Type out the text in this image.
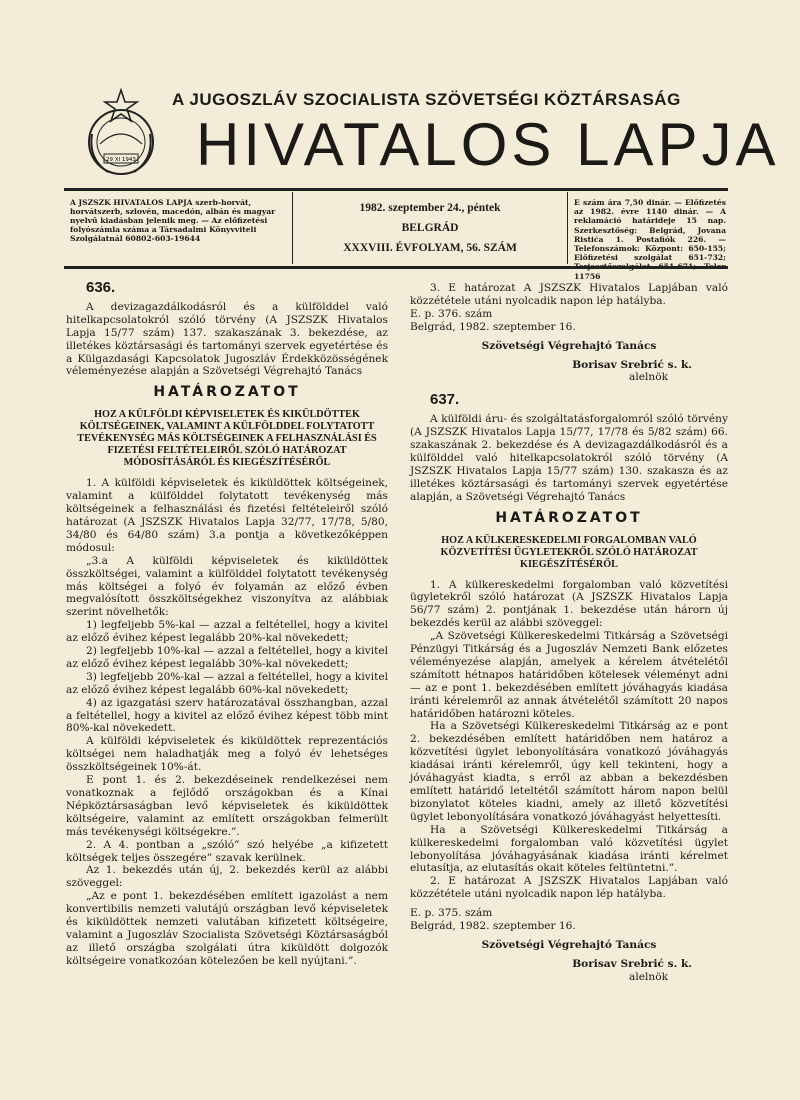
29 XI 1943
A JUGOSZLÁV SZOCIALISTA SZÖVETSÉGI KÖZTÁRSASÁG
HIVATALOS LAPJA
A JSZSZK HIVATALOS LAPJA szerb-horvát, horvátszerb, szlovén, macedón, albán és magyar nyelvű kiadásban jelenik meg. — Az előfizetési folyószámla száma a Társadalmi Könyvviteli Szolgálatnál 60802-603-19644
1982. szeptember 24., péntek
BELGRÁD
XXXVIII. ÉVFOLYAM, 56. SZÁM
E szám ára 7,50 dinár. — Előfizetés az 1982. évre 1140 dinár. — A reklamáció határideje 15 nap. Szerkesztőség: Belgrád, Jovana Ristića 1. Postafiók 226. — Telefonszámok: Központ: 650-155; Előfizetési szolgálat 651-732; Terjesztőszolgálat 651-671; Telex 11756
636.

A devizagazdálkodásról és a külfölddel való hitelkapcsolatokról szóló törvény (A JSZSZK Hivatalos Lapja 15/77 szám) 137. szakaszának 3. bekezdése, az illetékes köztársasági és tartományi szervek egyetértése és a Külgazdasági Kapcsolatok Jugoszláv Érdekközösségének véleményezése alapján a Szövetségi Végrehajtó Tanács

HATÁROZATOT
HOZ A KÜLFÖLDI KÉPVISELETEK ÉS KIKÜLDÖTTEK KÖLTSÉGEINEK, VALAMINT A KÜLFÖLDDEL FOLYTATOTT TEVÉKENYSÉG MÁS KÖLTSÉGEINEK A FELHASZNÁLÁSI ÉS FIZETÉSI FELTÉTELEIRŐL SZÓLÓ HATÁROZAT MÓDOSÍTÁSÁRÓL ÉS KIEGÉSZÍTÉSÉRŐL

1. A külföldi képviseletek és kiküldöttek költségeinek, valamint a külfölddel folytatott tevékenység más költségeinek a felhasználási és fizetési feltételeiről szóló határozat (A JSZSZK Hivatalos Lapja 32/77, 17/78, 5/80, 34/80 és 64/80 szám) 3.a pontja a következőképpen módosul:

„3.a A külföldi képviseletek és kiküldöttek összköltségei, valamint a külfölddel folytatott tevékenység más költségei a folyó év folyamán az előző évben megvalósított összköltségekhez viszonyítva az alábbiak szerint növelhetők:

1) legfeljebb 5%-kal — azzal a feltétellel, hogy a kivitel az előző évihez képest legalább 20%-kal növekedett;

2) legfeljebb 10%-kal — azzal a feltétellel, hogy a kivitel az előző évihez képest legalább 30%-kal növekedett;

3) legfeljebb 20%-kal — azzal a feltétellel, hogy a kivitel az előző évihez képest legalább 60%-kal növekedett;

4) az igazgatási szerv határozatával összhangban, azzal a feltétellel, hogy a kivitel az előző évihez képest több mint 80%-kal növekedett.

A külföldi képviseletek és kiküldöttek reprezentációs költségei nem haladhatják meg a folyó év lehetséges összköltségeinek 10%-át.

E pont 1. és 2. bekezdéseinek rendelkezései nem vonatkoznak a fejlődő országokban és a Kínai Népköztársaságban levő képviseletek és kiküldöttek költségeire, valamint az említett országokban felmerült más tevékenységi költségekre.”.

2. A 4. pontban a „szóló” szó helyébe „a kifizetett költségek teljes összegére” szavak kerülnek.

Az 1. bekezdés után új, 2. bekezdés kerül az alábbi szöveggel:

„Az e pont 1. bekezdésében említett igazolást a nem konvertibilis nemzeti valutájú országban levő képviseletek és kiküldöttek nemzeti valutában kifizetett költségeire, valamint a Jugoszláv Szocialista Szövetségi Köztársaságból az illető országba szolgálati útra kiküldött dolgozók költségeire vonatkozóan kötelezően be kell nyújtani.”.

3. E határozat A JSZSZK Hivatalos Lapjában való közzététele utáni nyolcadik napon lép hatályba.

E. p. 376. szám

Belgrád, 1982. szeptember 16.

Szövetségi Végrehajtó Tanács
Borisav Srebrić s. k.
alelnök
637.

A külföldi áru- és szolgáltatásforgalomról szóló törvény (A JSZSZK Hivatalos Lapja 15/77, 17/78 és 5/82 szám) 66. szakaszának 2. bekezdése és A devizagazdálkodásról és a külfölddel való hitelkapcsolatokról szóló törvény (A JSZSZK Hivatalos Lapja 15/77 szám) 130. szakasza és az illetékes köztársasági és tartományi szervek egyetértése alapján, a Szövetségi Végrehajtó Tanács

HATÁROZATOT
HOZ A KÜLKERESKEDELMI FORGALOMBAN VALÓ KÖZVETÍTÉSI ÜGYLETEKRŐL SZÓLÓ HATÁROZAT KIEGÉSZÍTÉSÉRŐL

1. A külkereskedelmi forgalomban való közvetítési ügyletekről szóló határozat (A JSZSZK Hivatalos Lapja 56/77 szám) 2. pontjának 1. bekezdése után hárorn új bekezdés kerül az alábbi szöveggel:

„A Szövetségi Külkereskedelmi Titkárság a Szövetségi Pénzügyi Titkárság és a Jugoszláv Nemzeti Bank előzetes véleményezése alapján, amelyek a kérelem átvételétől számított hétnapos határidőben kötelesek véleményt adni — az e pont 1. bekezdésében említett jóváhagyás kiadása iránti kérelemről az annak átvételétől számított 20 napos határidőben határozni köteles.

Ha a Szövetségi Külkereskedelmi Titkárság az e pont 2. bekezdésében említett határidőben nem határoz a közvetítési ügylet lebonyolítására vonatkozó jóváhagyás kiadásai iránti kérelemről, úgy kell tekinteni, hogy a jóváhagyást kiadta, s erről az abban a bekezdésben említett határidő leteltétől számított három napon belül bizonylatot köteles kiadni, amely az illető közvetítési ügylet lebonyolítására vonatkozó jóváhagyást helyettesíti.

Ha a Szövetségi Külkereskedelmi Titkárság a külkereskedelmi forgalomban való közvetítési ügylet lebonyolítása jóváhagyásának kiadása iránti kérelmet elutasítja, az elutasítás okait köteles feltüntetni.”.

2. E határozat A JSZSZK Hivatalos Lapjában való közzététele utáni nyolcadik napon lép hatályba.

E. p. 375. szám

Belgrád, 1982. szeptember 16.

Szövetségi Végrehajtó Tanács
Borisav Srebrić s. k.
alelnök
